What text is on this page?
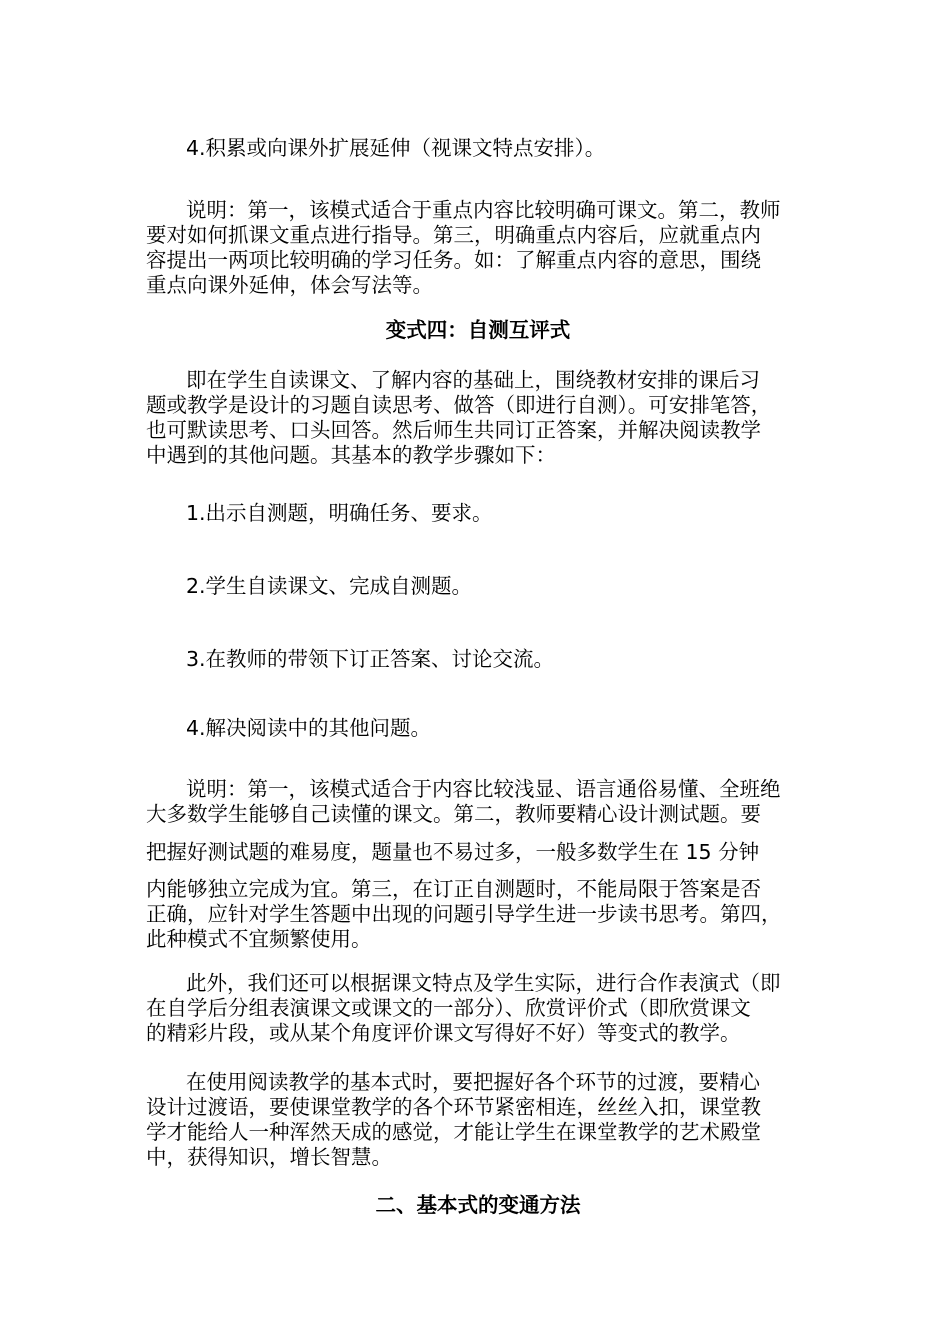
4.积累或向课外扩展延伸（视课文特点安排）。

说明：第一，该模式适合于重点内容比较明确可课文。第二，教师
要对如何抓课文重点进行指导。第三，明确重点内容后，应就重点内
容提出一两项比较明确的学习任务。如：了解重点内容的意思，围绕
重点向课外延伸，体会写法等。

变式四：自测互评式

即在学生自读课文、了解内容的基础上，围绕教材安排的课后习
题或教学是设计的习题自读思考、做答（即进行自测）。可安排笔答，
也可默读思考、口头回答。然后师生共同订正答案，并解决阅读教学
中遇到的其他问题。其基本的教学步骤如下：

1.出示自测题，明确任务、要求。

2.学生自读课文、完成自测题。

3.在教师的带领下订正答案、讨论交流。

4.解决阅读中的其他问题。

说明：第一，该模式适合于内容比较浅显、语言通俗易懂、全班绝
大多数学生能够自己读懂的课文。第二，教师要精心设计测试题。要

把握好测试题的难易度，题量也不易过多，一般多数学生在 15 分钟

内能够独立完成为宜。第三，在订正自测题时，不能局限于答案是否
正确，应针对学生答题中出现的问题引导学生进一步读书思考。第四，
此种模式不宜频繁使用。

此外，我们还可以根据课文特点及学生实际，进行合作表演式（即
在自学后分组表演课文或课文的一部分）、欣赏评价式（即欣赏课文
的精彩片段，或从某个角度评价课文写得好不好）等变式的教学。

在使用阅读教学的基本式时，要把握好各个环节的过渡，要精心
设计过渡语，要使课堂教学的各个环节紧密相连，丝丝入扣，课堂教
学才能给人一种浑然天成的感觉，才能让学生在课堂教学的艺术殿堂
中，获得知识，增长智慧。

二、基本式的变通方法
